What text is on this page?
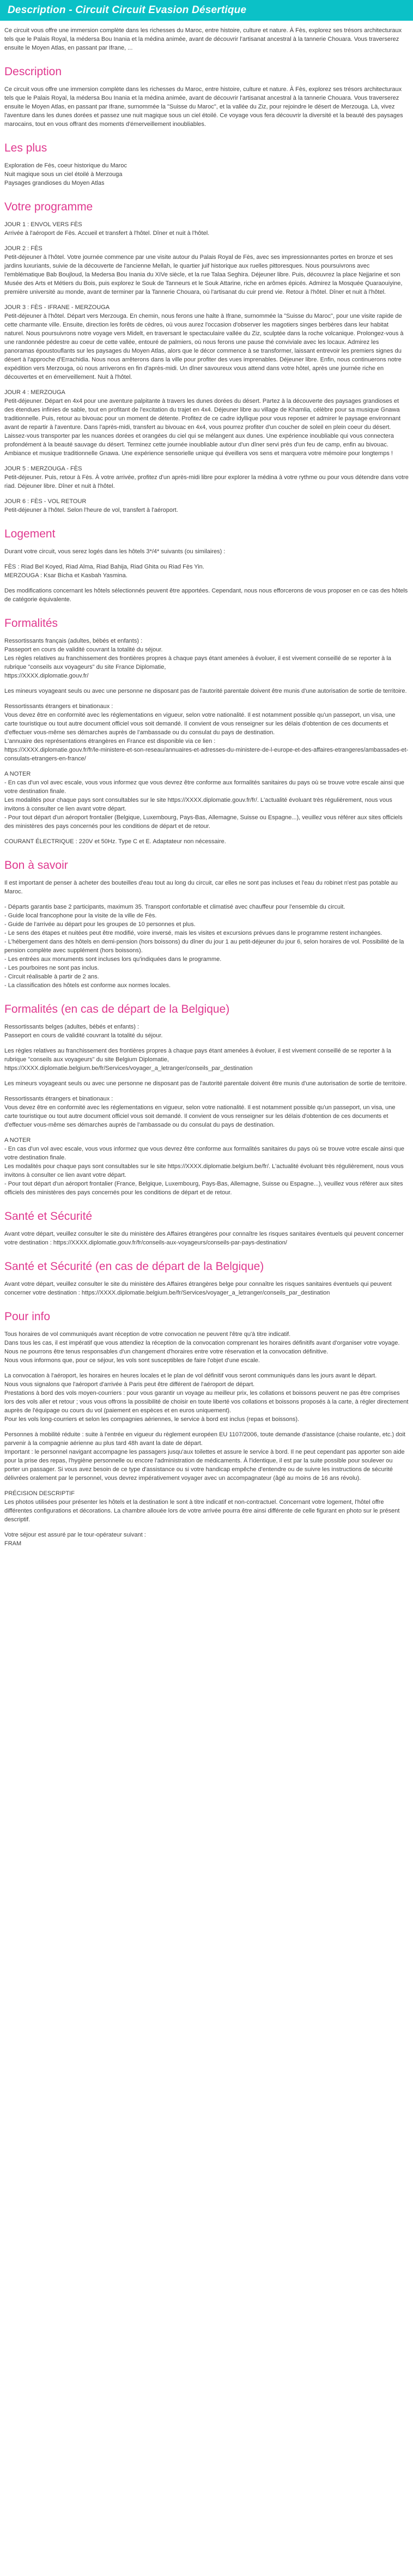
Description - Circuit Circuit Evasion Désertique

Ce circuit vous offre une immersion complète dans les richesses du Maroc, entre histoire, culture et nature. À Fès, explorez ses trésors architecturaux tels que le Palais Royal, la médersa Bou Inania et la médina animée, avant de découvrir l'artisanat ancestral à la tannerie Chouara. Vous traverserez ensuite le Moyen Atlas, en passant par Ifrane, ...

Description

Ce circuit vous offre une immersion complète dans les richesses du Maroc, entre histoire, culture et nature. À Fès, explorez ses trésors architecturaux tels que le Palais Royal, la médersa Bou Inania et la médina animée, avant de découvrir l'artisanat ancestral à la tannerie Chouara. Vous traverserez ensuite le Moyen Atlas, en passant par Ifrane, surnommée la "Suisse du Maroc", et la vallée du Ziz, pour rejoindre le désert de Merzouga. Là, vivez l'aventure dans les dunes dorées et passez une nuit magique sous un ciel étoilé. Ce voyage vous fera découvrir la diversité et la beauté des paysages marocains, tout en vous offrant des moments d'émerveillement inoubliables.

Les plus

Exploration de Fès, coeur historique du Maroc
Nuit magique sous un ciel étoilé à Merzouga
Paysages grandioses du Moyen Atlas

Votre programme

JOUR 1 : ENVOL VERS FÈS
Arrivée à l'aéroport de Fès. Accueil et transfert à l'hôtel. Dîner et nuit à l'hôtel.

JOUR 2 : FÈS
Petit-déjeuner à l'hôtel. Votre journée commence par une visite autour du Palais Royal de Fès, avec ses impressionnantes portes en bronze et ses jardins luxuriants, suivie de la découverte de l'ancienne Mellah, le quartier juif historique aux ruelles pittoresques. Nous poursuivrons avec l'emblématique Bab Boujloud, la Medersa Bou Inania du XIVe siècle, et la rue Talaa Seghira. Déjeuner libre. Puis, découvrez la place Nejjarine et son Musée des Arts et Métiers du Bois, puis explorez le Souk de Tanneurs et le Souk Attarine, riche en arômes épicés. Admirez la Mosquée Quaraouiyine, première université au monde, avant de terminer par la Tannerie Chouara, où l'artisanat du cuir prend vie. Retour à l'hôtel. Dîner et nuit à l'hôtel.

JOUR 3 : FÈS - IFRANE - MERZOUGA
Petit-déjeuner à l'hôtel. Départ vers Merzouga. En chemin, nous ferons une halte à Ifrane, surnommée la "Suisse du Maroc", pour une visite rapide de cette charmante ville. Ensuite, direction les forêts de cèdres, où vous aurez l'occasion d'observer les magotiers singes berbères dans leur habitat naturel. Nous poursuivrons notre voyage vers Midelt, en traversant le spectaculaire vallée du Ziz, sculptée dans la roche volcanique. Prolongez-vous à une randonnée pédestre au coeur de cette vallée, entouré de palmiers, où nous ferons une pause thé conviviale avec les locaux. Admirez les panoramas époustouflants sur les paysages du Moyen Atlas, alors que le décor commence à se transformer, laissant entrevoir les premiers signes du désert à l'approche d'Errachidia. Nous nous arrêterons dans la ville pour profiter des vues imprenables. Déjeuner libre. Enfin, nous continuerons notre expédition vers Merzouga, où nous arriverons en fin d'après-midi. Un dîner savoureux vous attend dans votre hôtel, après une journée riche en découvertes et en émerveillement. Nuit à l'hôtel.

JOUR 4 : MERZOUGA
Petit-déjeuner. Départ en 4x4 pour une aventure palpitante à travers les dunes dorées du désert. Partez à la découverte des paysages grandioses et des étendues infinies de sable, tout en profitant de l'excitation du trajet en 4x4. Déjeuner libre au village de Khamlia, célèbre pour sa musique Gnawa traditionnelle. Puis, retour au bivouac pour un moment de détente. Profitez de ce cadre idyllique pour vous reposer et admirer le paysage environnant avant de repartir à l'aventure. Dans l'après-midi, transfert au bivouac en 4x4, vous pourrez profiter d'un coucher de soleil en plein coeur du désert. Laissez-vous transporter par les nuances dorées et orangées du ciel qui se mélangent aux dunes. Une expérience inoubliable qui vous connectera profondément à la beauté sauvage du désert. Terminez cette journée inoubliable autour d'un dîner servi près d'un feu de camp, enfin au bivouac. Ambiance et musique traditionnelle Gnawa. Une expérience sensorielle unique qui éveillera vos sens et marquera votre mémoire pour longtemps !

JOUR 5 : MERZOUGA - FÈS
Petit-déjeuner. Puis, retour à Fès. À votre arrivée, profitez d'un après-midi libre pour explorer la médina à votre rythme ou pour vous détendre dans votre riad. Déjeuner libre. Dîner et nuit à l'hôtel.

JOUR 6 : FÈS - VOL RETOUR
Petit-déjeuner à l'hôtel. Selon l'heure de vol, transfert à l'aéroport.

Logement

Durant votre circuit, vous serez logés dans les hôtels 3*/4* suivants (ou similaires) :

FÈS : Riad Bel Koyed, Riad Alma, Riad Bahija, Riad Ghita ou Riad Fès Yin.
MERZOUGA : Ksar Bicha et Kasbah Yasmina.

Des modifications concernant les hôtels sélectionnés peuvent être apportées. Cependant, nous nous efforcerons de vous proposer en ce cas des hôtels de catégorie équivalente.

Formalités

Ressortissants français (adultes, bébés et enfants) :
Passeport en cours de validité couvrant la totalité du séjour.
Les règles relatives au franchissement des frontières propres à chaque pays étant amenées à évoluer, il est vivement conseillé de se reporter à la rubrique "conseils aux voyageurs" du site France Diplomatie,
https://XXXX.diplomatie.gouv.fr/

Les mineurs voyageant seuls ou avec une personne ne disposant pas de l'autorité parentale doivent être munis d'une autorisation de sortie de territoire.

Ressortissants étrangers et binationaux :
Vous devez être en conformité avec les réglementations en vigueur, selon votre nationalité. Il est notamment possible qu'un passeport, un visa, une carte touristique ou tout autre document officiel vous soit demandé. Il convient de vous renseigner sur les délais d'obtention de ces documents et d'effectuer vous-même ses démarches auprès de l'ambassade ou du consulat du pays de destination.
L'annuaire des représentations étrangères en France est disponible via ce lien :
https://XXXX.diplomatie.gouv.fr/fr/le-ministere-et-son-reseau/annuaires-et-adresses-du-ministere-de-l-europe-et-des-affaires-etrangeres/ambassades-et-consulats-etrangers-en-france/

A NOTER
- En cas d'un vol avec escale, vous vous informez que vous devrez être conforme aux formalités sanitaires du pays où se trouve votre escale ainsi que votre destination finale.
Les modalités pour chaque pays sont consultables sur le site https://XXXX.diplomatie.gouv.fr/fr/. L'actualité évoluant très régulièrement, nous vous invitons à consulter ce lien avant votre départ.
- Pour tout départ d'un aéroport frontalier (Belgique, Luxembourg, Pays-Bas, Allemagne, Suisse ou Espagne...), veuillez vous référer aux sites officiels des ministères des pays concernés pour les conditions de départ et de retour.

COURANT ÉLECTRIQUE : 220V et 50Hz. Type C et E. Adaptateur non nécessaire.

Bon à savoir

Il est important de penser à acheter des bouteilles d'eau tout au long du circuit, car elles ne sont pas incluses et l'eau du robinet n'est pas potable au Maroc.

- Départs garantis base 2 participants, maximum 35. Transport confortable et climatisé avec chauffeur pour l'ensemble du circuit.
- Guide local francophone pour la visite de la ville de Fès.
- Guide de l'arrivée au départ pour les groupes de 10 personnes et plus.
- Le sens des étapes et nuitées peut être modifié, voire inversé, mais les visites et excursions prévues dans le programme restent inchangées.
- L'hébergement dans des hôtels en demi-pension (hors boissons) du dîner du jour 1 au petit-déjeuner du jour 6, selon horaires de vol. Possibilité de la pension complète avec supplément (hors boissons).
- Les entrées aux monuments sont incluses lors qu'indiquées dans le programme.
- Les pourboires ne sont pas inclus.
- Circuit réalisable à partir de 2 ans.
- La classification des hôtels est conforme aux normes locales.

Formalités (en cas de départ de la Belgique)

Ressortissants belges (adultes, bébés et enfants) :
Passeport en cours de validité couvrant la totalité du séjour.

Les règles relatives au franchissement des frontières propres à chaque pays étant amenées à évoluer, il est vivement conseillé de se reporter à la rubrique "conseils aux voyageurs" du site Belgium Diplomatie,
https://XXXX.diplomatie.belgium.be/fr/Services/voyager_a_letranger/conseils_par_destination

Les mineurs voyageant seuls ou avec une personne ne disposant pas de l'autorité parentale doivent être munis d'une autorisation de sortie de territoire.

Ressortissants étrangers et binationaux :
Vous devez être en conformité avec les réglementations en vigueur, selon votre nationalité. Il est notamment possible qu'un passeport, un visa, une carte touristique ou tout autre document officiel vous soit demandé. Il convient de vous renseigner sur les délais d'obtention de ces documents et d'effectuer vous-même ses démarches auprès de l'ambassade ou du consulat du pays de destination.

A NOTER
- En cas d'un vol avec escale, vous vous informez que vous devrez être conforme aux formalités sanitaires du pays où se trouve votre escale ainsi que votre destination finale.
Les modalités pour chaque pays sont consultables sur le site https://XXXX.diplomatie.belgium.be/fr/. L'actualité évoluant très régulièrement, nous vous invitons à consulter ce lien avant votre départ.
- Pour tout départ d'un aéroport frontalier (France, Belgique, Luxembourg, Pays-Bas, Allemagne, Suisse ou Espagne...), veuillez vous référer aux sites officiels des ministères des pays concernés pour les conditions de départ et de retour.

Santé et Sécurité

Avant votre départ, veuillez consulter le site du ministère des Affaires étrangères pour connaître les risques sanitaires éventuels qui peuvent concerner votre destination : https://XXXX.diplomatie.gouv.fr/fr/conseils-aux-voyageurs/conseils-par-pays-destination/

Santé et Sécurité (en cas de départ de la Belgique)

Avant votre départ, veuillez consulter le site du ministère des Affaires étrangères belge pour connaître les risques sanitaires éventuels qui peuvent concerner votre destination : https://XXXX.diplomatie.belgium.be/fr/Services/voyager_a_letranger/conseils_par_destination

Pour info

Tous horaires de vol communiqués avant réception de votre convocation ne peuvent l'être qu'à titre indicatif.
Dans tous les cas, il est impératif que vous attendiez la réception de la convocation comprenant les horaires définitifs avant d'organiser votre voyage.
Nous ne pourrons être tenus responsables d'un changement d'horaires entre votre réservation et la convocation définitive.
Nous vous informons que, pour ce séjour, les vols sont susceptibles de faire l'objet d'une escale.

La convocation à l'aéroport, les horaires en heures locales et le plan de vol définitif vous seront communiqués dans les jours avant le départ.
Nous vous signalons que l'aéroport d'arrivée à Paris peut être différent de l'aéroport de départ.
Prestations à bord des vols moyen-courriers : pour vous garantir un voyage au meilleur prix, les collations et boissons peuvent ne pas être comprises lors des vols aller et retour ; vous vous offrons la possibilité de choisir en toute liberté vos collations et boissons proposés à la carte, à régler directement auprès de l'équipage ou cours du vol (paiement en espèces et en euros uniquement).
Pour les vols long-courriers et selon les compagnies aériennes, le service à bord est inclus (repas et boissons).

Personnes à mobilité réduite : suite à l'entrée en vigueur du règlement européen EU 1107/2006, toute demande d'assistance (chaise roulante, etc.) doit parvenir à la compagnie aérienne au plus tard 48h avant la date de départ.
Important : le personnel navigant accompagne les passagers jusqu'aux toilettes et assure le service à bord. Il ne peut cependant pas apporter son aide pour la prise des repas, l'hygiène personnelle ou encore l'administration de médicaments. À l'identique, il est par la suite possible pour soulever ou porter un passager. Si vous avez besoin de ce type d'assistance ou si votre handicap empêche d'entendre ou de suivre les instructions de sécurité délivrées oralement par le personnel, vous devrez impérativement voyager avec un accompagnateur (âgé au moins de 16 ans révolu).

PRÉCISION DESCRIPTIF
Les photos utilisées pour présenter les hôtels et la destination le sont à titre indicatif et non-contractuel. Concernant votre logement, l'hôtel offre différentes configurations et décorations. La chambre allouée lors de votre arrivée pourra être ainsi différente de celle figurant en photo sur le présent descriptif.

Votre séjour est assuré par le tour-opérateur suivant :
FRAM
